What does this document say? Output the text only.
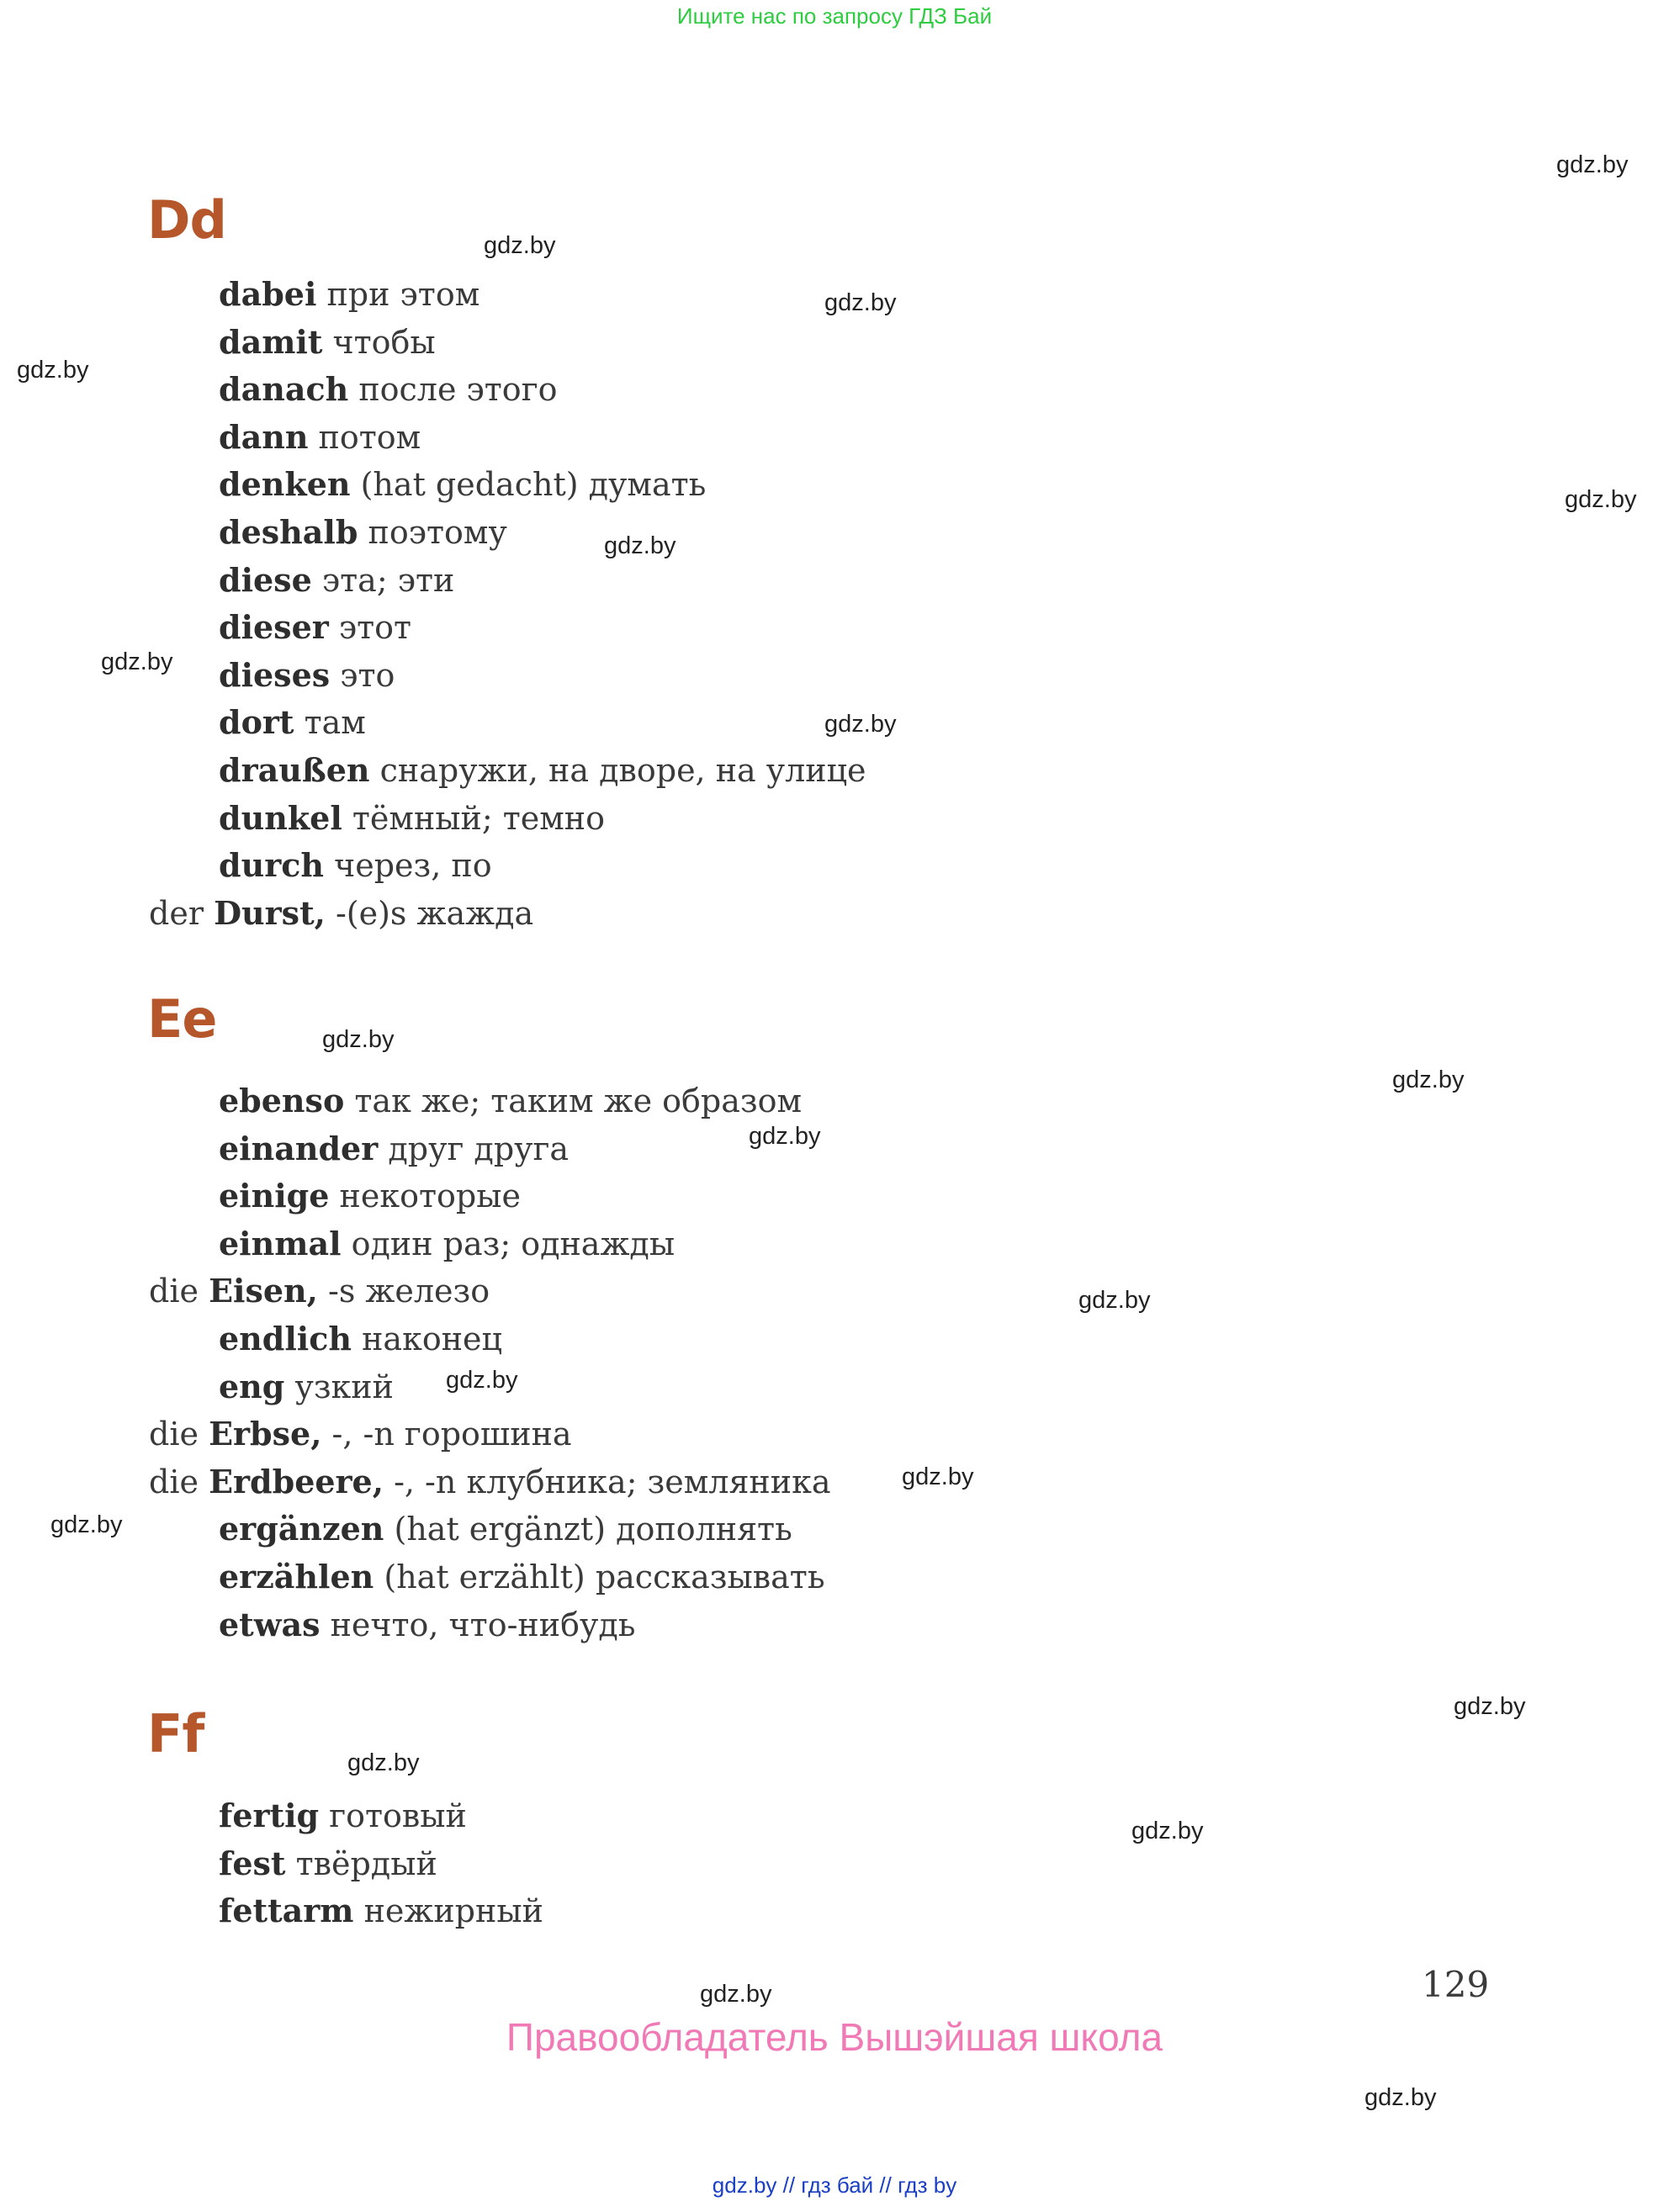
Ищите нас по запросу ГДЗ Бай
Dd
Ee
Ff
dabei при этом
damit чтобы
danach после этого
dann потом
denken (hat gedacht) думать
deshalb поэтому
diese эта; эти
dieser этот
dieses это
dort там
draußen снаружи, на дворе, на улице
dunkel тёмный; темно
durch через, по
der Durst, -(e)s жажда
ebenso так же; таким же образом
einander друг друга
einige некоторые
einmal один раз; однажды
die Eisen, -s железо
endlich наконец
eng узкий
die Erbse, -, -n горошина
die Erdbeere, -, -n клубника; земляника
ergänzen (hat ergänzt) дополнять
erzählen (hat erzählt) рассказывать
etwas нечто, что-нибудь
fertig готовый
fest твёрдый
fettarm нежирный
gdz.by
gdz.by
gdz.by
gdz.by
gdz.by
gdz.by
gdz.by
gdz.by
gdz.by
gdz.by
gdz.by
gdz.by
gdz.by
gdz.by
gdz.by
gdz.by
gdz.by
gdz.by
gdz.by
gdz.by
129
Правообладатель Вышэйшая школа
gdz.by // гдз бай // гдз by
